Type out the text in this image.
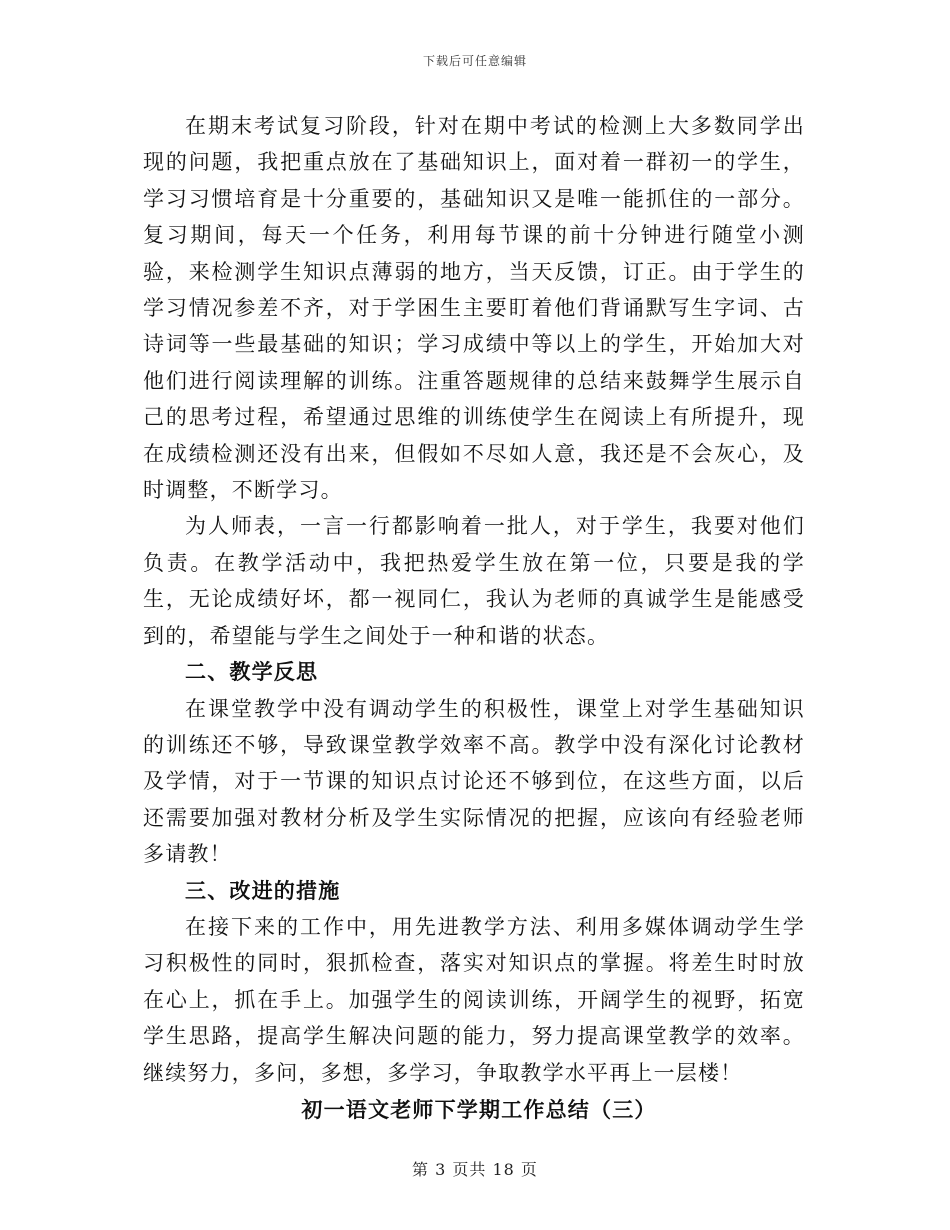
下载后可任意编辑

在期末考试复习阶段，针对在期中考试的检测上大多数同学出现的问题，我把重点放在了基础知识上，面对着一群初一的学生，学习习惯培育是十分重要的，基础知识又是唯一能抓住的一部分。复习期间，每天一个任务，利用每节课的前十分钟进行随堂小测验，来检测学生知识点薄弱的地方，当天反馈，订正。由于学生的学习情况参差不齐，对于学困生主要盯着他们背诵默写生字词、古诗词等一些最基础的知识；学习成绩中等以上的学生，开始加大对他们进行阅读理解的训练。注重答题规律的总结来鼓舞学生展示自己的思考过程，希望通过思维的训练使学生在阅读上有所提升，现在成绩检测还没有出来，但假如不尽如人意，我还是不会灰心，及时调整，不断学习。

为人师表，一言一行都影响着一批人，对于学生，我要对他们负责。在教学活动中，我把热爱学生放在第一位，只要是我的学生，无论成绩好坏，都一视同仁，我认为老师的真诚学生是能感受到的，希望能与学生之间处于一种和谐的状态。

二、教学反思

在课堂教学中没有调动学生的积极性，课堂上对学生基础知识的训练还不够，导致课堂教学效率不高。教学中没有深化讨论教材及学情，对于一节课的知识点讨论还不够到位，在这些方面，以后还需要加强对教材分析及学生实际情况的把握，应该向有经验老师多请教！

三、改进的措施

在接下来的工作中，用先进教学方法、利用多媒体调动学生学习积极性的同时，狠抓检查，落实对知识点的掌握。将差生时时放在心上，抓在手上。加强学生的阅读训练，开阔学生的视野，拓宽学生思路，提高学生解决问题的能力，努力提高课堂教学的效率。继续努力，多问，多想，多学习，争取教学水平再上一层楼！

初一语文老师下学期工作总结（三）

第 3 页共 18 页
